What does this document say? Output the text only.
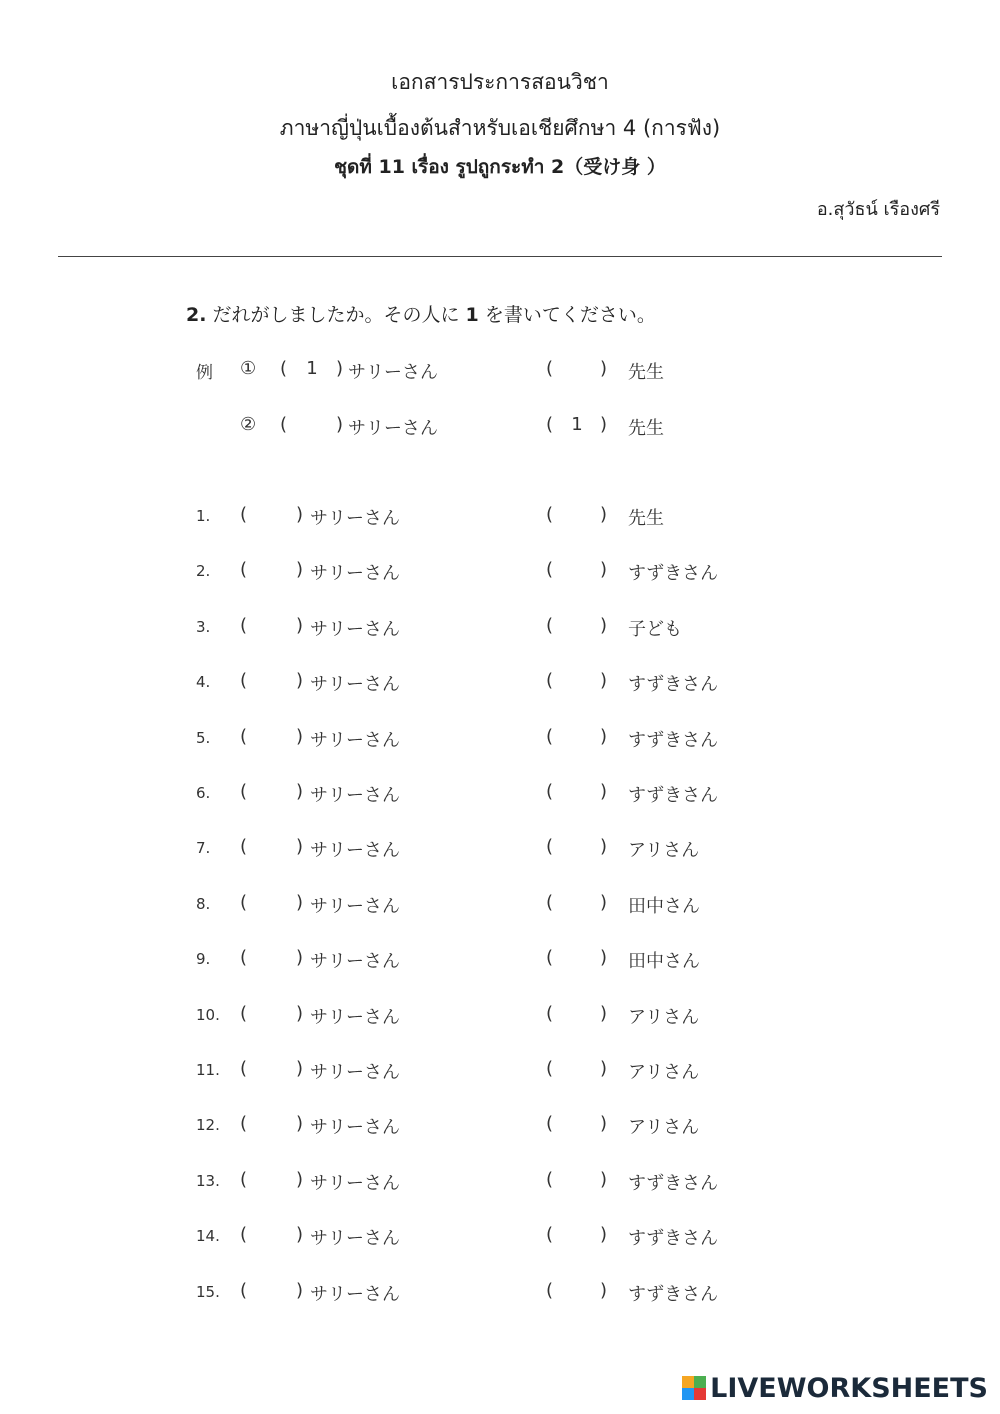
เอกสารประการสอนวิชา
ภาษาญี่ปุ่นเบื้องต้นสำหรับเอเชียศึกษา 4 (การฟัง)
ชุดที่ 11 เรื่อง รูปถูกระทำ 2（受け身 ）
อ.สุวัธน์ เรืองศรี
2. だれがしましたか。その人に 1 を書いてください。
例 ① ( 1 ) サリーさん	(	) 先生
② (	) サリーさん	( 1 ) 先生
1. (	) サリーさん	(	) 先生
2. (	) サリーさん	(	) すずきさん
3. (	) サリーさん	(	) 子ども
4. (	) サリーさん	(	) すずきさん
5. (	) サリーさん	(	) すずきさん
6. (	) サリーさん	(	) すずきさん
7. (	) サリーさん	(	) アリさん
8. (	) サリーさん	(	) 田中さん
9. (	) サリーさん	(	) 田中さん
10. (	) サリーさん	(	) アリさん
11. (	) サリーさん	(	) アリさん
12. (	) サリーさん	(	) アリさん
13. (	) サリーさん	(	) すずきさん
14. (	) サリーさん	(	) すずきさん
15. (	) サリーさん	(	) すずきさん
LIVEWORKSHEETS
